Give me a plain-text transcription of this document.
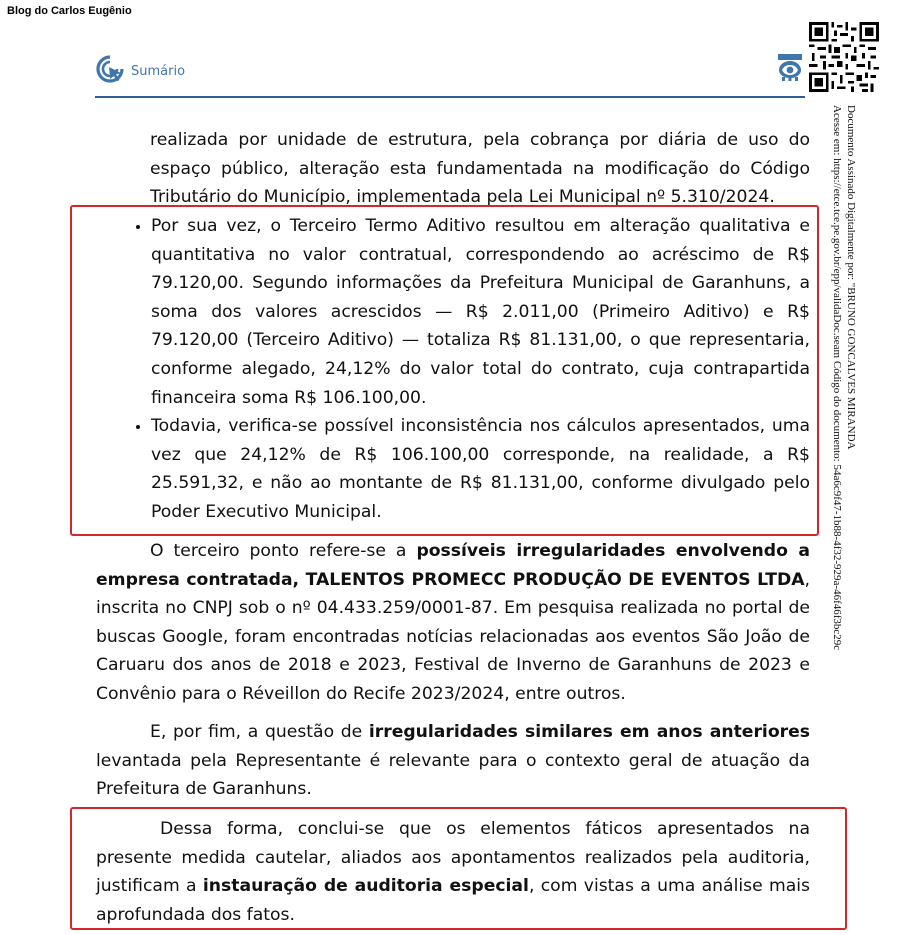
Blog do Carlos Eugênio
Sumário
Documento Assinado Digitalmente por: "BRUNO GONCALVES MIRANDA
Acesse em: https://etce.tce.pe.gov.br/epp/validaDoc.seam Código do documento: 54a6c9f47-1b88-4f32-929a-46f46f3bc29c

realizada por unidade de estrutura, pela cobrança por diária de uso do espaço público, alteração esta fundamentada na modificação do Código Tributário do Município, implementada pela Lei Municipal nº 5.310/2024.

• Por sua vez, o Terceiro Termo Aditivo resultou em alteração qualitativa e quantitativa no valor contratual, correspondendo ao acréscimo de R$ 79.120,00. Segundo informações da Prefeitura Municipal de Garanhuns, a soma dos valores acrescidos — R$ 2.011,00 (Primeiro Aditivo) e R$ 79.120,00 (Terceiro Aditivo) — totaliza R$ 81.131,00, o que representaria, conforme alegado, 24,12% do valor total do contrato, cuja contrapartida financeira soma R$ 106.100,00.
• Todavia, verifica-se possível inconsistência nos cálculos apresentados, uma vez que 24,12% de R$ 106.100,00 corresponde, na realidade, a R$ 25.591,32, e não ao montante de R$ 81.131,00, conforme divulgado pelo Poder Executivo Municipal.

O terceiro ponto refere-se a possíveis irregularidades envolvendo a empresa contratada, TALENTOS PROMECC PRODUÇÃO DE EVENTOS LTDA, inscrita no CNPJ sob o nº 04.433.259/0001-87. Em pesquisa realizada no portal de buscas Google, foram encontradas notícias relacionadas aos eventos São João de Caruaru dos anos de 2018 e 2023, Festival de Inverno de Garanhuns de 2023 e Convênio para o Réveillon do Recife 2023/2024, entre outros.

E, por fim, a questão de irregularidades similares em anos anteriores levantada pela Representante é relevante para o contexto geral de atuação da Prefeitura de Garanhuns.

Dessa forma, conclui-se que os elementos fáticos apresentados na presente medida cautelar, aliados aos apontamentos realizados pela auditoria, justificam a instauração de auditoria especial, com vistas a uma análise mais aprofundada dos fatos.
